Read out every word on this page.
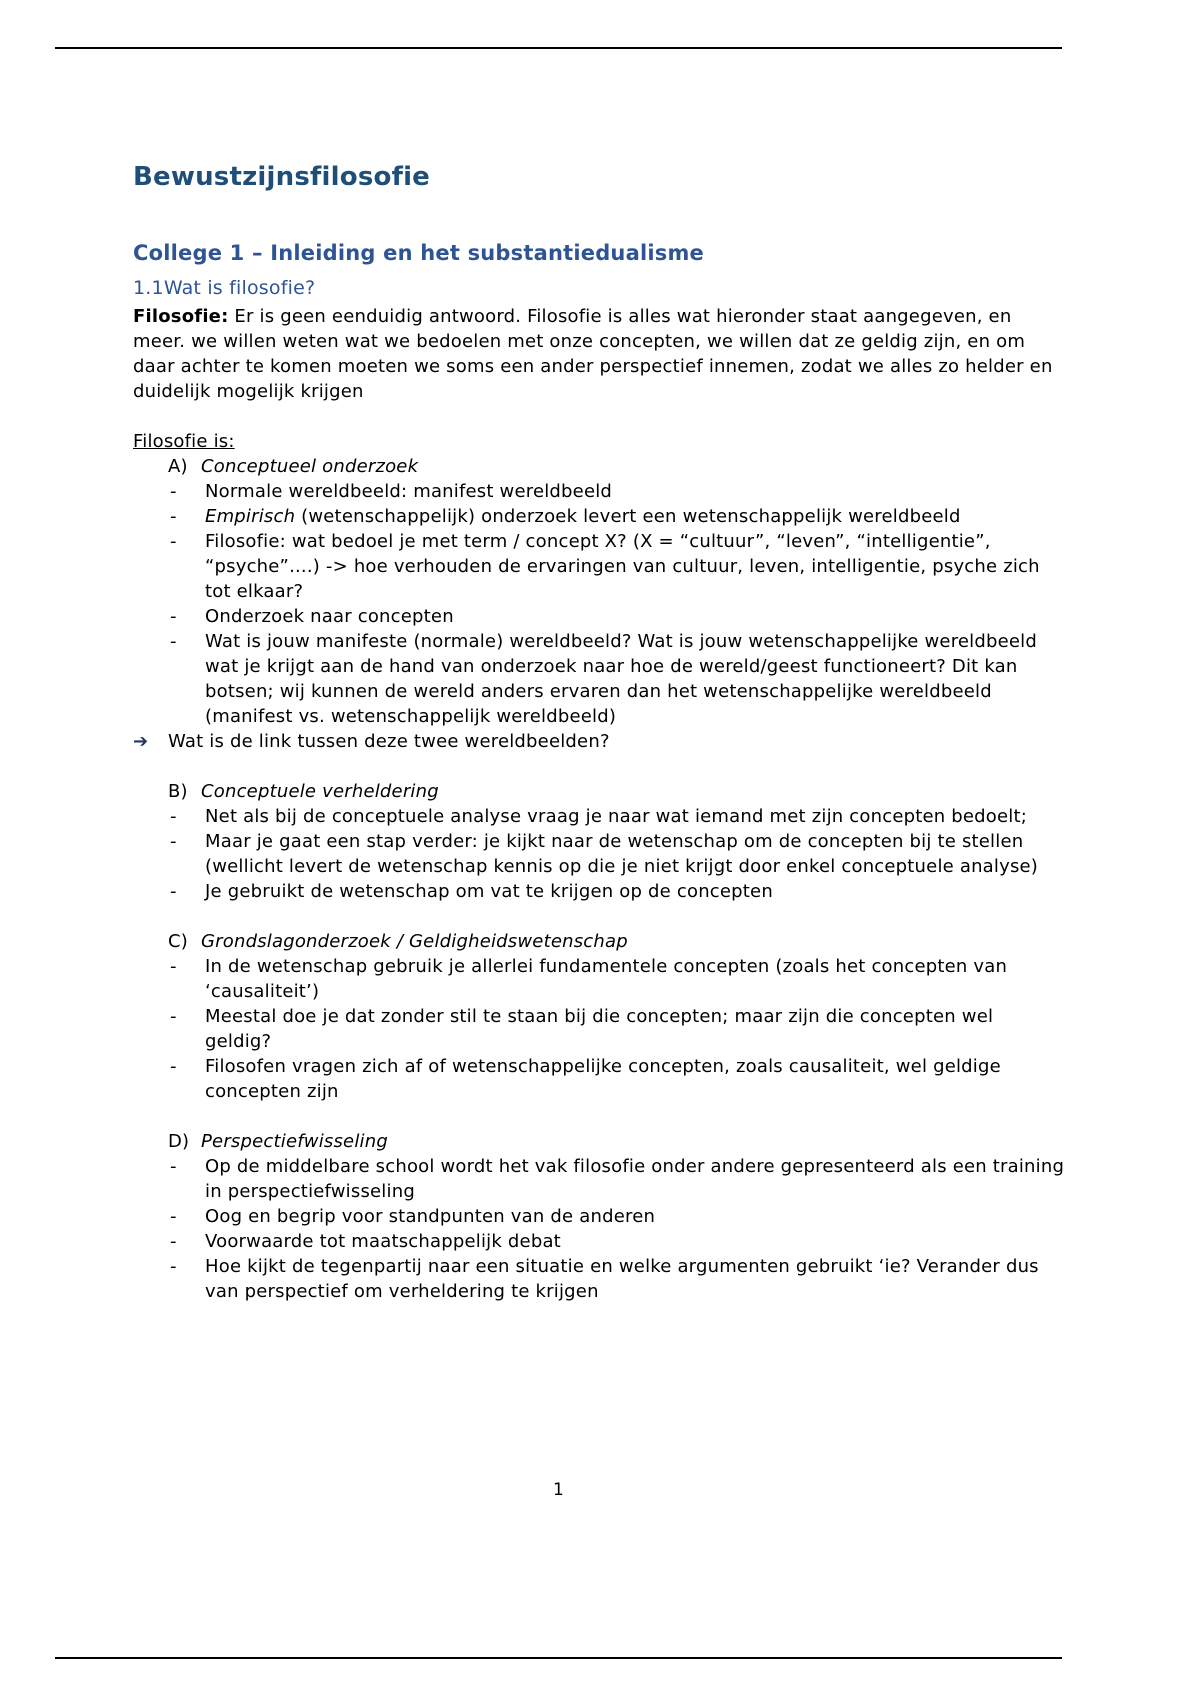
Bewustzijnsfilosofie
College 1 – Inleiding en het substantiedualisme
1.1Wat is filosofie?

Filosofie: Er is geen eenduidig antwoord. Filosofie is alles wat hieronder staat aangegeven, en meer. we willen weten wat we bedoelen met onze concepten, we willen dat ze geldig zijn, en om daar achter te komen moeten we soms een ander perspectief innemen, zodat we alles zo helder en duidelijk mogelijk krijgen

Filosofie is:

A) Conceptueel onderzoek
-	Normale wereldbeeld: manifest wereldbeeld
-	Empirisch (wetenschappelijk) onderzoek levert een wetenschappelijk wereldbeeld
-	Filosofie: wat bedoel je met term / concept X? (X = “cultuur”, “leven”, “intelligentie”, “psyche”....) -> hoe verhouden de ervaringen van cultuur, leven, intelligentie, psyche zich tot elkaar?
-	Onderzoek naar concepten
-	Wat is jouw manifeste (normale) wereldbeeld? Wat is jouw wetenschappelijke wereldbeeld wat je krijgt aan de hand van onderzoek naar hoe de wereld/geest functioneert? Dit kan botsen; wij kunnen de wereld anders ervaren dan het wetenschappelijke wereldbeeld (manifest vs. wetenschappelijk wereldbeeld)
➔	Wat is de link tussen deze twee wereldbeelden?
B) Conceptuele verheldering
-	Net als bij de conceptuele analyse vraag je naar wat iemand met zijn concepten bedoelt;
-	Maar je gaat een stap verder: je kijkt naar de wetenschap om de concepten bij te stellen (wellicht levert de wetenschap kennis op die je niet krijgt door enkel conceptuele analyse)
-	Je gebruikt de wetenschap om vat te krijgen op de concepten
C) Grondslagonderzoek / Geldigheidswetenschap
-	In de wetenschap gebruik je allerlei fundamentele concepten (zoals het concepten van ‘causaliteit’)
-	Meestal doe je dat zonder stil te staan bij die concepten; maar zijn die concepten wel geldig?
-	Filosofen vragen zich af of wetenschappelijke concepten, zoals causaliteit, wel geldige concepten zijn
D) Perspectiefwisseling
-	Op de middelbare school wordt het vak filosofie onder andere gepresenteerd als een training in perspectiefwisseling
-	Oog en begrip voor standpunten van de anderen
-	Voorwaarde tot maatschappelijk debat
-	Hoe kijkt de tegenpartij naar een situatie en welke argumenten gebruikt ‘ie? Verander dus van perspectief om verheldering te krijgen
1
